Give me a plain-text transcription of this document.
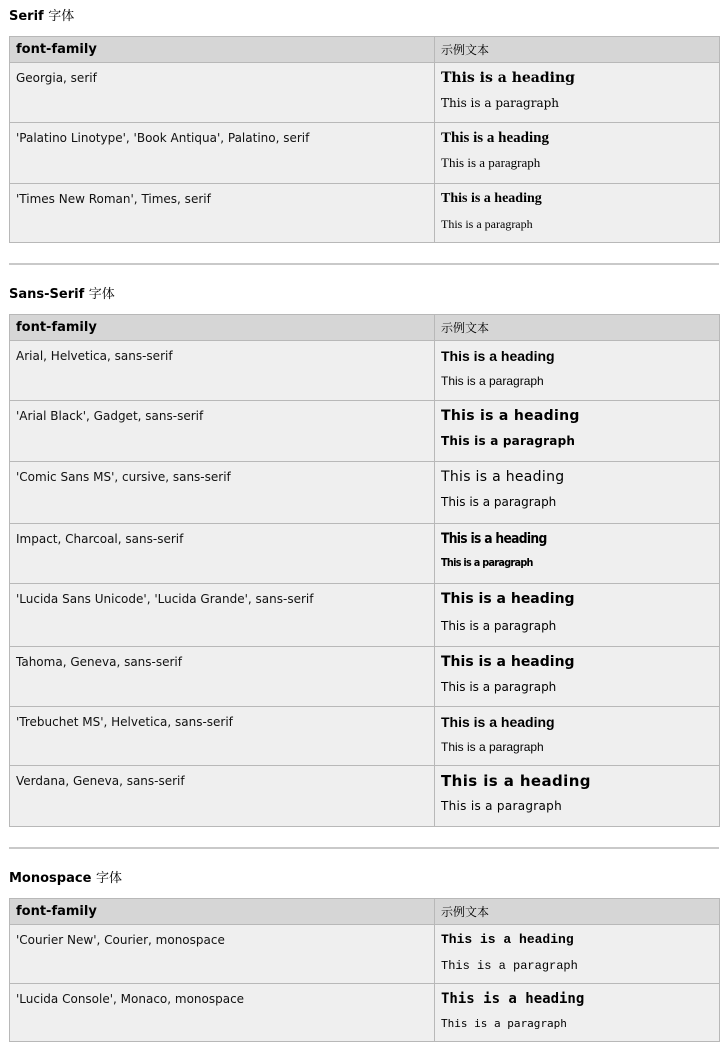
Serif 字体
font-family	示例文本
Georgia, serif	This is a heading
This is a paragraph

'Palatino Linotype', 'Book Antiqua', Palatino, serif	This is a heading
This is a paragraph

'Times New Roman', Times, serif	This is a heading
This is a paragraph
Sans-Serif 字体
font-family	示例文本
Arial, Helvetica, sans-serif	This is a heading
This is a paragraph

'Arial Black', Gadget, sans-serif	This is a heading
This is a paragraph

'Comic Sans MS', cursive, sans-serif	This is a heading
This is a paragraph

Impact, Charcoal, sans-serif	This is a heading
This is a paragraph

'Lucida Sans Unicode', 'Lucida Grande', sans-serif	This is a heading
This is a paragraph

Tahoma, Geneva, sans-serif	This is a heading
This is a paragraph

'Trebuchet MS', Helvetica, sans-serif	This is a heading
This is a paragraph

Verdana, Geneva, sans-serif	This is a heading
This is a paragraph
Monospace 字体
font-family	示例文本
'Courier New', Courier, monospace	This is a heading
This is a paragraph

'Lucida Console', Monaco, monospace	This is a heading
This is a paragraph
